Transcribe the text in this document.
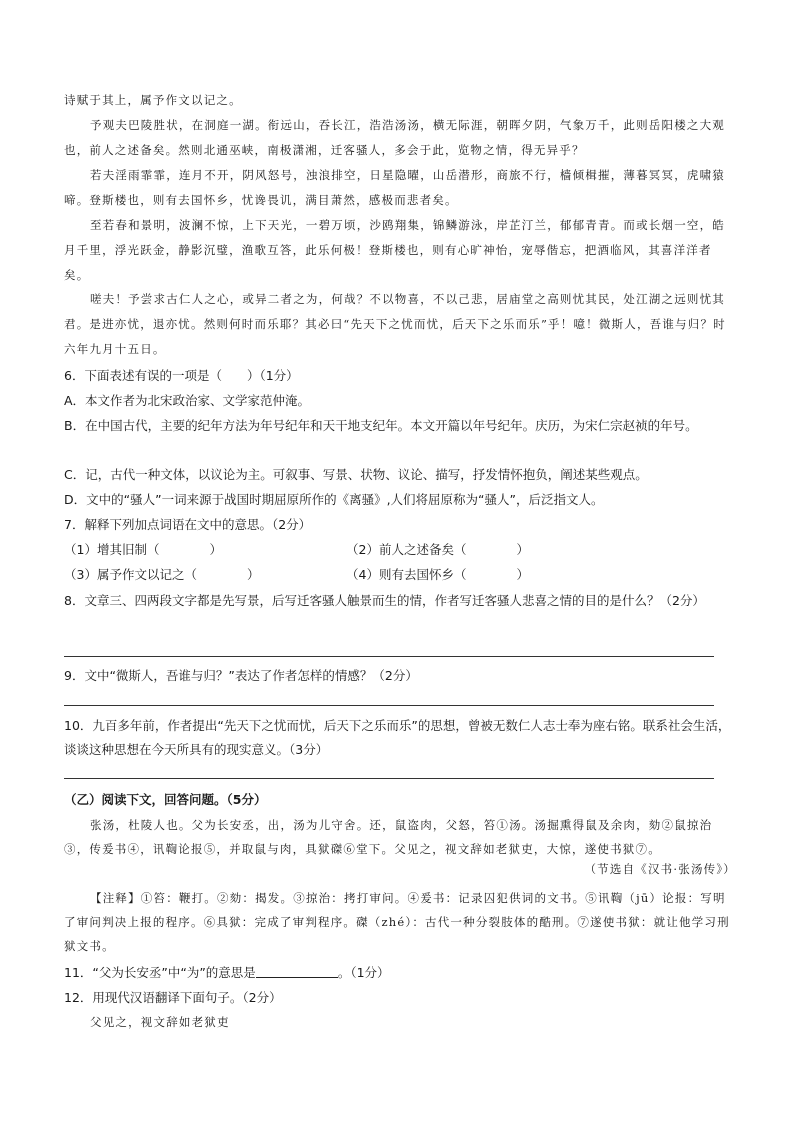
诗赋于其上，属予作文以记之。

予观夫巴陵胜状，在洞庭一湖。衔远山，吞长江，浩浩汤汤，横无际涯，朝晖夕阴，气象万千，此则岳阳楼之大观也，前人之述备矣。然则北通巫峡，南极潇湘，迁客骚人，多会于此，览物之情，得无异乎？

若夫淫雨霏霏，连月不开，阴风怒号，浊浪排空，日星隐曜，山岳潜形，商旅不行，樯倾楫摧，薄暮冥冥，虎啸猿啼。登斯楼也，则有去国怀乡，忧谗畏讥，满目萧然，感极而悲者矣。

至若春和景明，波澜不惊，上下天光，一碧万顷，沙鸥翔集，锦鳞游泳，岸芷汀兰，郁郁青青。而或长烟一空，皓月千里，浮光跃金，静影沉璧，渔歌互答，此乐何极！登斯楼也，则有心旷神怡，宠辱偕忘，把酒临风，其喜洋洋者矣。

嗟夫！予尝求古仁人之心，或异二者之为，何哉？不以物喜，不以己悲，居庙堂之高则忧其民，处江湖之远则忧其君。是进亦忧，退亦忧。然则何时而乐耶？其必曰“先天下之忧而忧，后天下之乐而乐”乎！噫！微斯人，吾谁与归？时六年九月十五日。

6．下面表述有误的一项是（　　）（1分）

A．本文作者为北宋政治家、文学家范仲淹。

B．在中国古代，主要的纪年方法为年号纪年和天干地支纪年。本文开篇以年号纪年。庆历，为宋仁宗赵祯的年号。

C．记，古代一种文体，以议论为主。可叙事、写景、状物、议论、描写，抒发情怀抱负，阐述某些观点。

D．文中的“骚人”一词来源于战国时期屈原所作的《离骚》,人们将屈原称为“骚人”，后泛指文人。

7．解释下列加点词语在文中的意思。（2分）

（1）增其旧制（　　　　）	（2）前人之述备矣（　　　　）

（3）属予作文以记之（　　　　）	（4）则有去国怀乡（　　　　）

8．文章三、四两段文字都是先写景，后写迁客骚人触景而生的情，作者写迁客骚人悲喜之情的目的是什么？（2分）

9．文中“微斯人，吾谁与归？”表达了作者怎样的情感？（2分）

10．九百多年前，作者提出“先天下之忧而忧，后天下之乐而乐”的思想，曾被无数仁人志士奉为座右铭。联系社会生活，谈谈这种思想在今天所具有的现实意义。（3分）

（乙）阅读下文，回答问题。（5分）

张汤，杜陵人也。父为长安丞，出，汤为儿守舍。还，鼠盗肉，父怒，笞①汤。汤掘熏得鼠及余肉，劾②鼠掠治③，传爰书④，讯鞫论报⑤，并取鼠与肉，具狱磔⑥堂下。父见之，视文辞如老狱吏，大惊，遂使书狱⑦。

（节选自《汉书·张汤传》）

【注释】①笞：鞭打。②劾：揭发。③掠治：拷打审问。④爰书：记录囚犯供词的文书。⑤讯鞫（jū）论报：写明了审问判决上报的程序。⑥具狱：完成了审判程序。磔（zhé）：古代一种分裂肢体的酷刑。⑦遂使书狱：就让他学习刑狱文书。

11．“父为长安丞”中“为”的意思是	。（1分）

12．用现代汉语翻译下面句子。（2分）

父见之，视文辞如老狱吏
